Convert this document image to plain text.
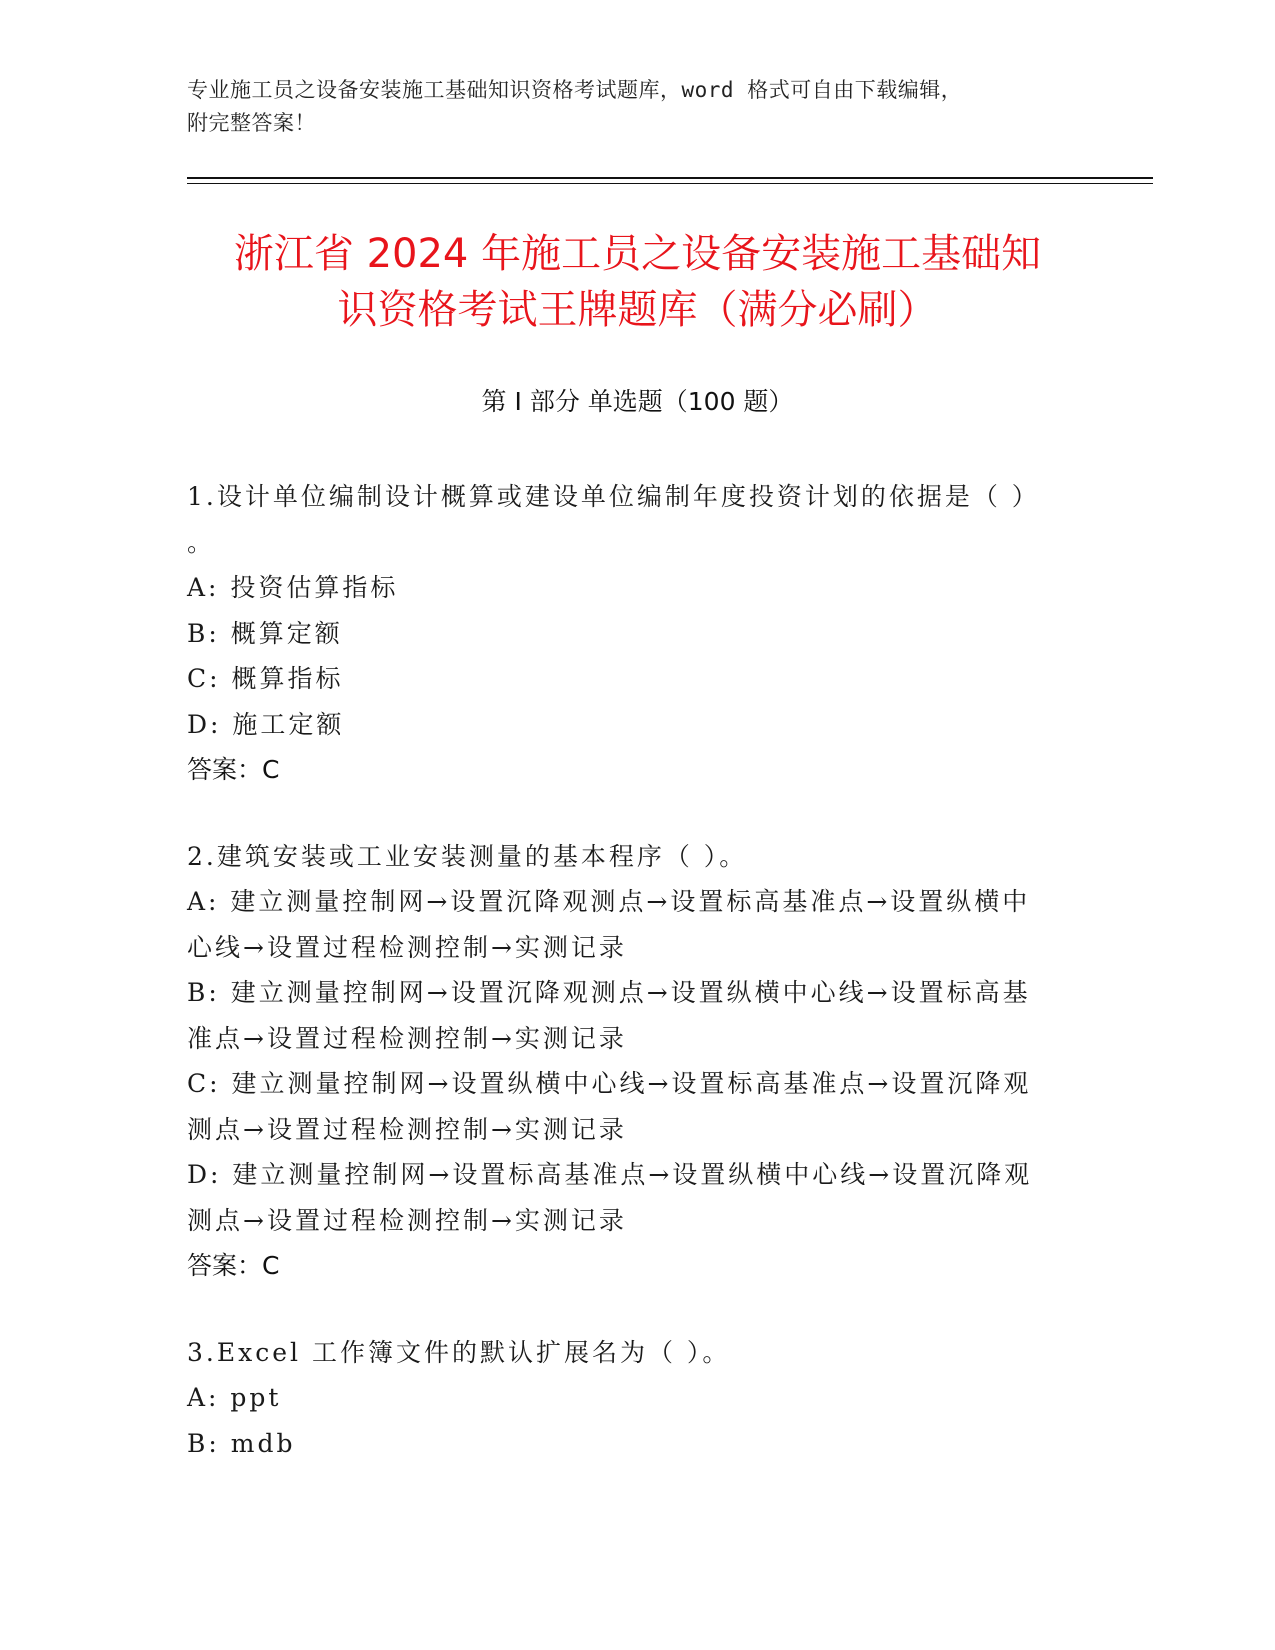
专业施工员之设备安装施工基础知识资格考试题库，word 格式可自由下载编辑，
附完整答案！
浙江省 2024 年施工员之设备安装施工基础知
识资格考试王牌题库（满分必刷）
第 I 部分 单选题（100 题）
1.设计单位编制设计概算或建设单位编制年度投资计划的依据是（ ）
。
A: 投资估算指标
B: 概算定额
C: 概算指标
D: 施工定额
答案：C
2.建筑安装或工业安装测量的基本程序（ ）。
A: 建立测量控制网→设置沉降观测点→设置标高基准点→设置纵横中
心线→设置过程检测控制→实测记录
B: 建立测量控制网→设置沉降观测点→设置纵横中心线→设置标高基
准点→设置过程检测控制→实测记录
C: 建立测量控制网→设置纵横中心线→设置标高基准点→设置沉降观
测点→设置过程检测控制→实测记录
D: 建立测量控制网→设置标高基准点→设置纵横中心线→设置沉降观
测点→设置过程检测控制→实测记录
答案：C
3.Excel 工作簿文件的默认扩展名为（ ）。
A: ppt
B: mdb
